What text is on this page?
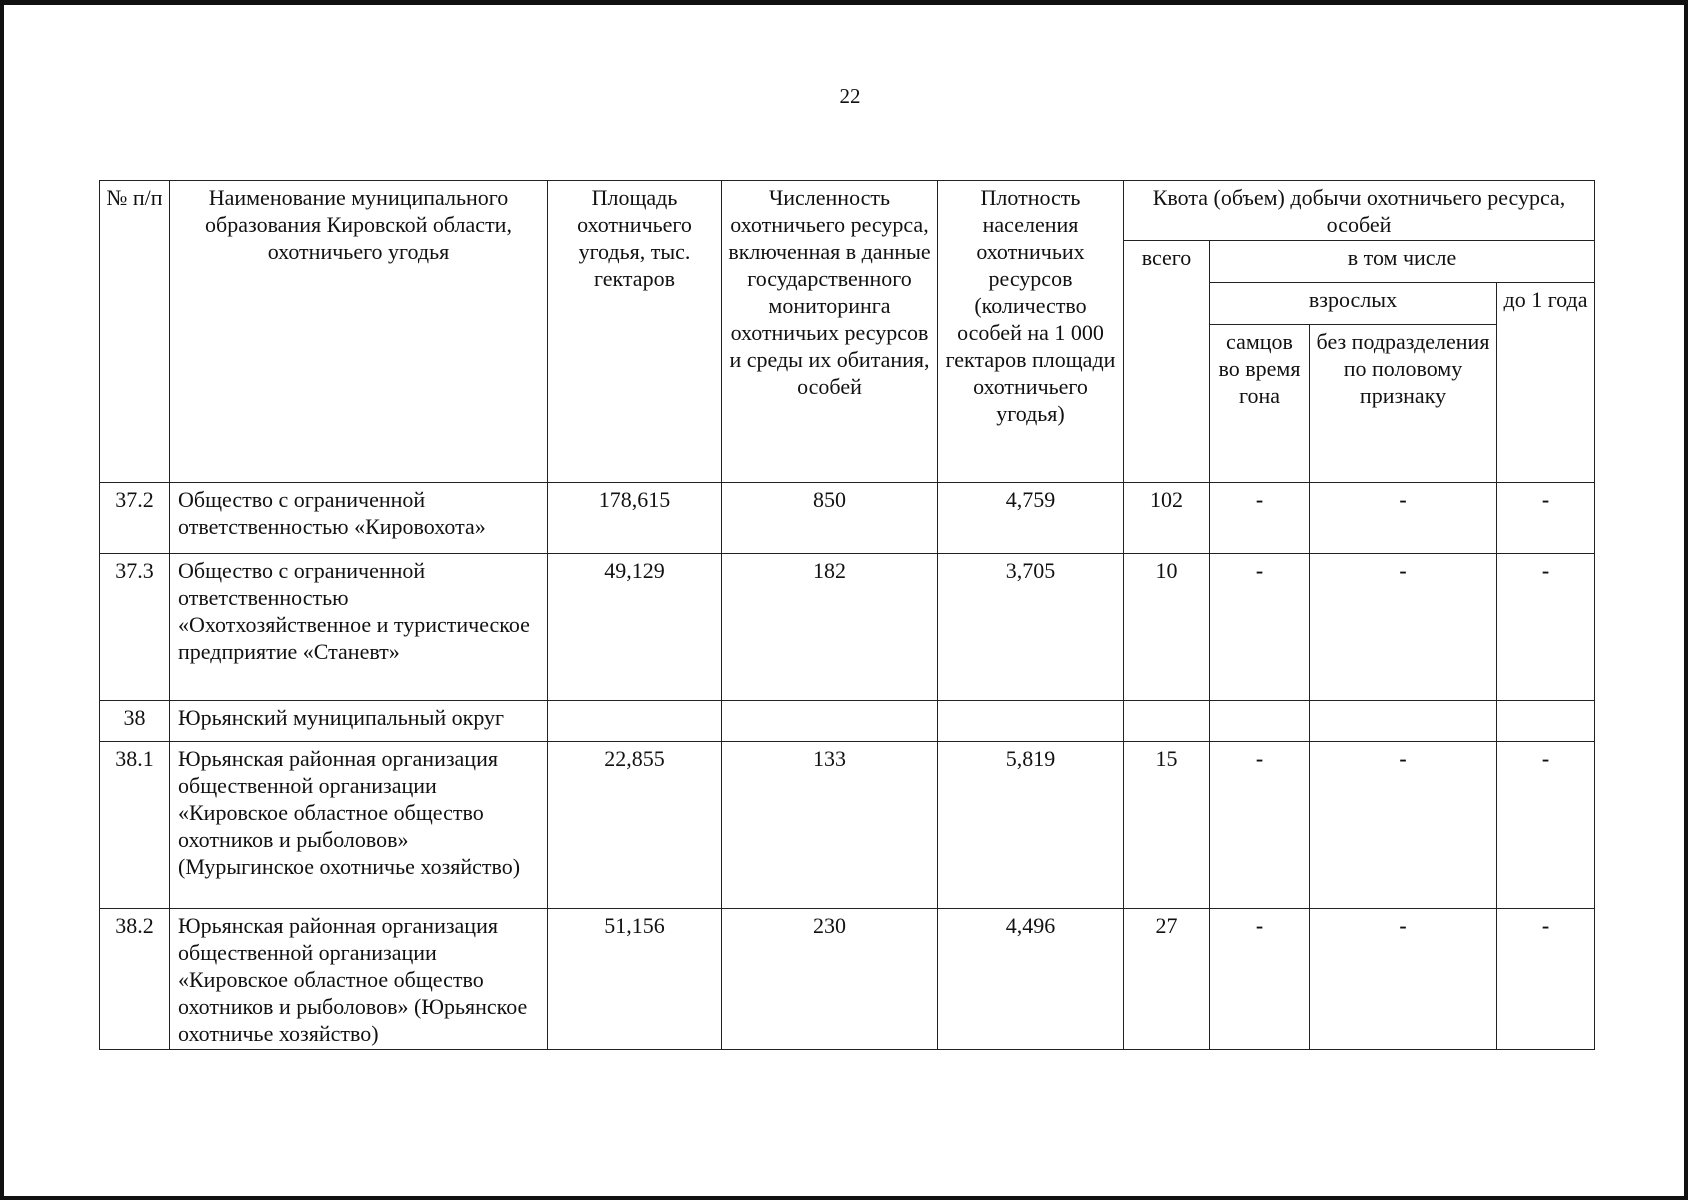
22
№ п/п	Наименование муниципального образования Кировской области, охотничьего угодья	Площадь охотничьего угодья, тыс. гектаров	Численность охотничьего ресурса, включенная в данные государственного мониторинга охотничьих ресурсов и среды их обитания, особей	Плотность населения охотничьих ресурсов (количество особей на 1 000 гектаров площади охотничьего угодья)	Квота (объем) добычи охотничьего ресурса, особей			
					всего	в том числе		
						взрослых		до 1 года
						самцов во время гона	без подразделения по половому признаку	
37.2	Общество с ограниченной ответственностью «Кировохота»	178,615	850	4,759	102	-	-	-
37.3	Общество с ограниченной ответственностью «Охотхозяйственное и туристическое предприятие «Станевт»	49,129	182	3,705	10	-	-	-
38	Юрьянский муниципальный округ							
38.1	Юрьянская районная организация общественной организации «Кировское областное общество охотников и рыболовов» (Мурыгинское охотничье хозяйство)	22,855	133	5,819	15	-	-	-
38.2	Юрьянская районная организация общественной организации «Кировское областное общество охотников и рыболовов» (Юрьянское охотничье хозяйство)	51,156	230	4,496	27	-	-	-
